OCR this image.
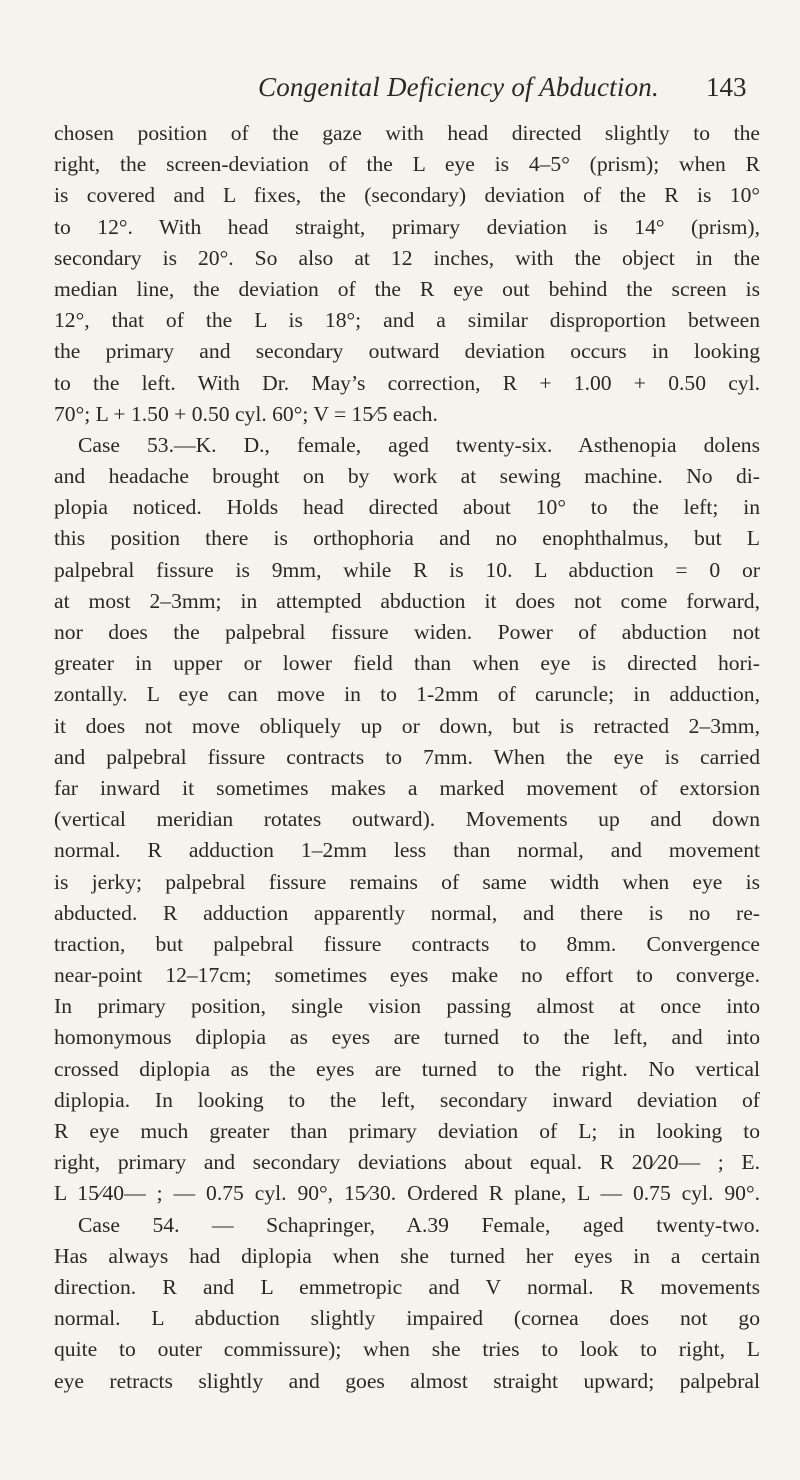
Congenital Deficiency of Abduction. 143
chosen position of the gaze with head directed slightly to the
right, the screen-deviation of the L eye is 4–5° (prism); when R
is covered and L fixes, the (secondary) deviation of the R is 10°
to 12°. With head straight, primary deviation is 14° (prism),
secondary is 20°. So also at 12 inches, with the object in the
median line, the deviation of the R eye out behind the screen is
12°, that of the L is 18°; and a similar disproportion between
the primary and secondary outward deviation occurs in looking
to the left. With Dr. May’s correction, R + 1.00 + 0.50 cyl.
70°; L + 1.50 + 0.50 cyl. 60°; V = 15⁄5 each.
Case 53.—K. D., female, aged twenty-six. Asthenopia dolens
and headache brought on by work at sewing machine. No di-
plopia noticed. Holds head directed about 10° to the left; in
this position there is orthophoria and no enophthalmus, but L
palpebral fissure is 9mm, while R is 10. L abduction = 0 or
at most 2–3mm; in attempted abduction it does not come forward,
nor does the palpebral fissure widen. Power of abduction not
greater in upper or lower field than when eye is directed hori-
zontally. L eye can move in to 1-2mm of caruncle; in adduction,
it does not move obliquely up or down, but is retracted 2–3mm,
and palpebral fissure contracts to 7mm. When the eye is carried
far inward it sometimes makes a marked movement of extorsion
(vertical meridian rotates outward). Movements up and down
normal. R adduction 1–2mm less than normal, and movement
is jerky; palpebral fissure remains of same width when eye is
abducted. R adduction apparently normal, and there is no re-
traction, but palpebral fissure contracts to 8mm. Convergence
near-point 12–17cm; sometimes eyes make no effort to converge.
In primary position, single vision passing almost at once into
homonymous diplopia as eyes are turned to the left, and into
crossed diplopia as the eyes are turned to the right. No vertical
diplopia. In looking to the left, secondary inward deviation of
R eye much greater than primary deviation of L; in looking to
right, primary and secondary deviations about equal. R 20⁄20— ; E.
L 15⁄40— ; — 0.75 cyl. 90°, 15⁄30. Ordered R plane, L — 0.75 cyl. 90°.
Case 54. — Schapringer, A.39 Female, aged twenty-two.
Has always had diplopia when she turned her eyes in a certain
direction. R and L emmetropic and V normal. R movements
normal. L abduction slightly impaired (cornea does not go
quite to outer commissure); when she tries to look to right, L
eye retracts slightly and goes almost straight upward; palpebral
